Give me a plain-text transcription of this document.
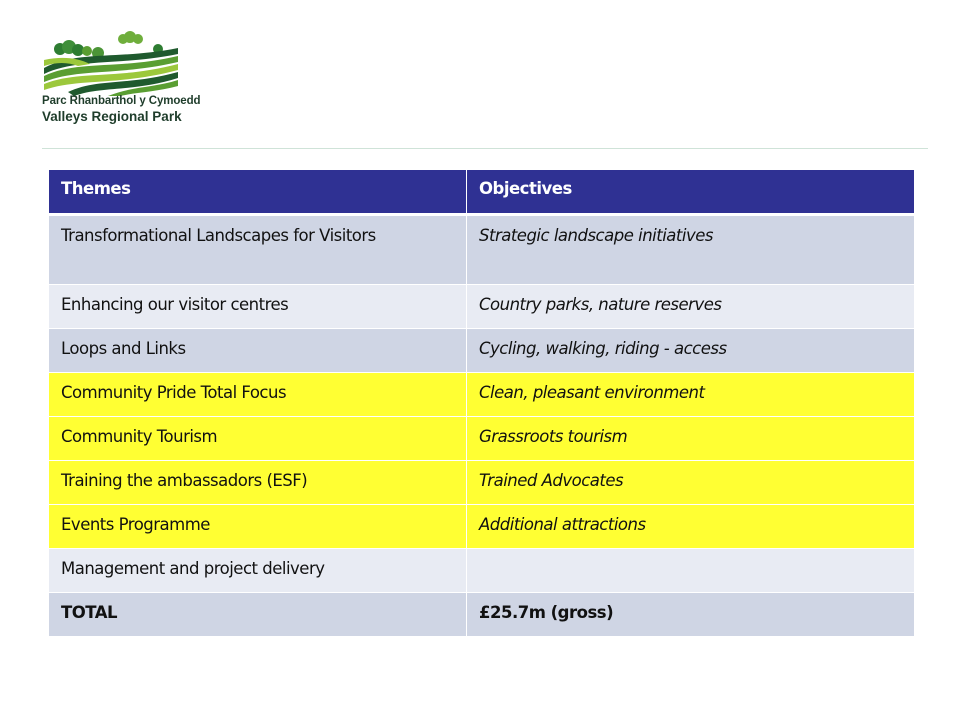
Parc Rhanbarthol y Cymoedd
Valleys Regional Park
Themes	Objectives
Transformational Landscapes for Visitors	Strategic landscape initiatives
Enhancing our visitor centres	Country parks, nature reserves
Loops and Links	Cycling, walking, riding - access
Community Pride Total Focus	Clean, pleasant environment
Community Tourism	Grassroots tourism
Training the ambassadors (ESF)	Trained Advocates
Events Programme	Additional attractions
Management and project delivery	
TOTAL	£25.7m (gross)
